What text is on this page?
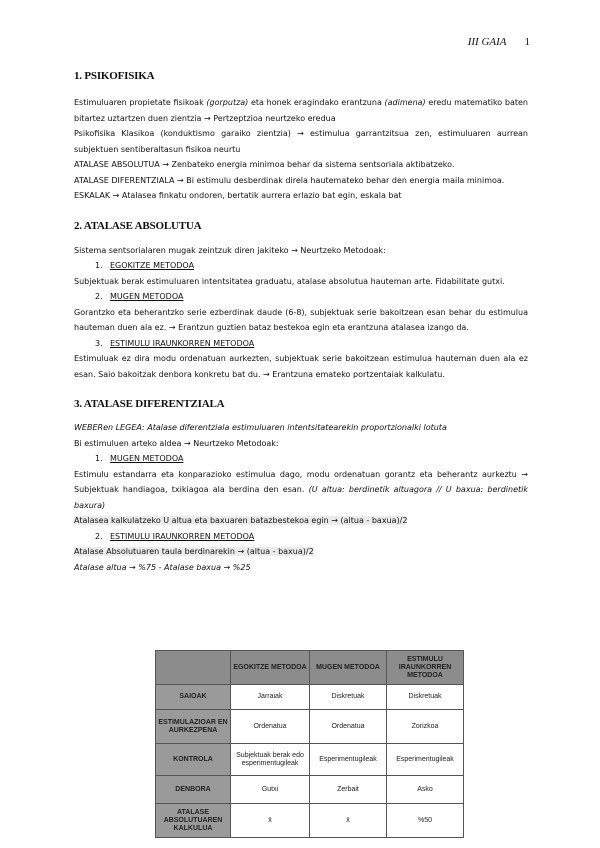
III GAIA 1
1. PSIKOFISIKA

Estimuluaren propietate fisikoak (gorputza) eta honek eragindako erantzuna (adimena) eredu matematiko baten bitartez uztartzen duen zientzia → Pertzeptzioa neurtzeko eredua

Psikofisika Klasikoa (konduktismo garaiko zientzia) → estimulua garrantzitsua zen, estimuluaren aurrean subjektuen sentiberaltasun fisikoa neurtu

ATALASE ABSOLUTUA → Zenbateko energia minimoa behar da sistema sentsoriala aktibatzeko.

ATALASE DIFERENTZIALA → Bi estimulu desberdinak direla hautemateko behar den energia maila minimoa.

ESKALAK → Atalasea finkatu ondoren, bertatik aurrera erlazio bat egin, eskala bat

2. ATALASE ABSOLUTUA

Sistema sentsorialaren mugak zeintzuk diren jakiteko → Neurtzeko Metodoak:

1. EGOKITZE METODOA

Subjektuak berak estimuluaren intentsitatea graduatu, atalase absolutua hauteman arte. Fidabilitate gutxi.

2. MUGEN METODOA

Gorantzko eta beherantzko serie ezberdinak daude (6-8), subjektuak serie bakoitzean esan behar du estimulua hauteman duen ala ez. → Erantzun guztien bataz bestekoa egin eta erantzuna atalasea izango da.

3. ESTIMULU IRAUNKORREN METODOA

Estimuluak ez dira modu ordenatuan aurkezten, subjektuak serie bakoitzean estimulua hauteman duen ala ez esan. Saio bakoitzak denbora konkretu bat du. → Erantzuna emateko portzentaiak kalkulatu.

3. ATALASE DIFERENTZIALA

WEBERen LEGEA: Atalase diferentziala estimuluaren intentsitatearekin proportzionalki lotuta

Bi estimuluen arteko aldea → Neurtzeko Metodoak:

1. MUGEN METODOA

Estimulu estandarra eta konparazioko estimulua dago, modu ordenatuan gorantz eta beherantz aurkeztu → Subjektuak handiagoa, txikiagoa ala berdina den esan. (U altua: berdinetik altuagora // U baxua: berdinetik baxura)

Atalasea kalkulatzeko U altua eta baxuaren batazbestekoa egin → (altua - baxua)/2

2. ESTIMULU IRAUNKORREN METODOA

Atalase Absolutuaren taula berdinarekin → (altua - baxua)/2

Atalase altua → %75 - Atalase baxua → %25

	EGOKITZE METODOA	MUGEN METODOA	ESTIMULU IRAUNKORREN METODOA
SAIOAK	Jarraiak	Diskretuak	Diskretuak
ESTIMULAZIOAR EN AURKEZPENA	Ordenatua	Ordenatua	Zorizkoa
KONTROLA	Subjektuak berak edo esperimentugileak	Esperimentugileak	Esperimentugileak
DENBORA	Gutxi	Zerbait	Asko
ATALASE ABSOLUTUAREN KALKULUA	x̄	x̄	%50
